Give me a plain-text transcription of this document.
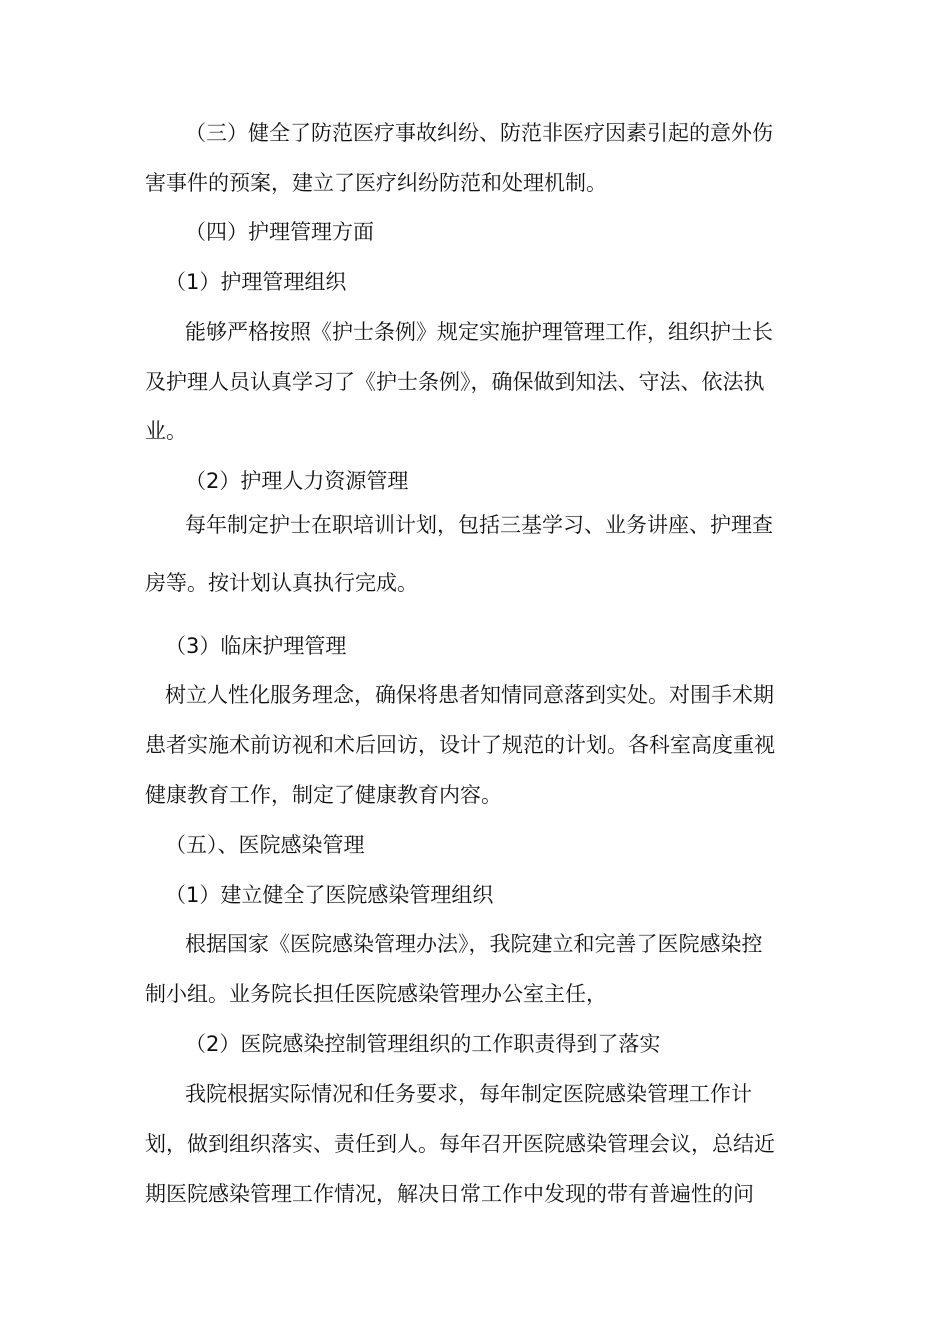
（三）健全了防范医疗事故纠纷、防范非医疗因素引起的意外伤

害事件的预案，建立了医疗纠纷防范和处理机制。

（四）护理管理方面

（1）护理管理组织

能够严格按照《护士条例》规定实施护理管理工作，组织护士长

及护理人员认真学习了《护士条例》，确保做到知法、守法、依法执

业。

（2）护理人力资源管理

每年制定护士在职培训计划，包括三基学习、业务讲座、护理查

房等。按计划认真执行完成。

（3）临床护理管理

树立人性化服务理念，确保将患者知情同意落到实处。对围手术期

患者实施术前访视和术后回访，设计了规范的计划。各科室高度重视

健康教育工作，制定了健康教育内容。

（五）、医院感染管理

（1）建立健全了医院感染管理组织

根据国家《医院感染管理办法》，我院建立和完善了医院感染控

制小组。业务院长担任医院感染管理办公室主任，

（2）医院感染控制管理组织的工作职责得到了落实

我院根据实际情况和任务要求，每年制定医院感染管理工作计

划，做到组织落实、责任到人。每年召开医院感染管理会议，总结近

期医院感染管理工作情况，解决日常工作中发现的带有普遍性的问
